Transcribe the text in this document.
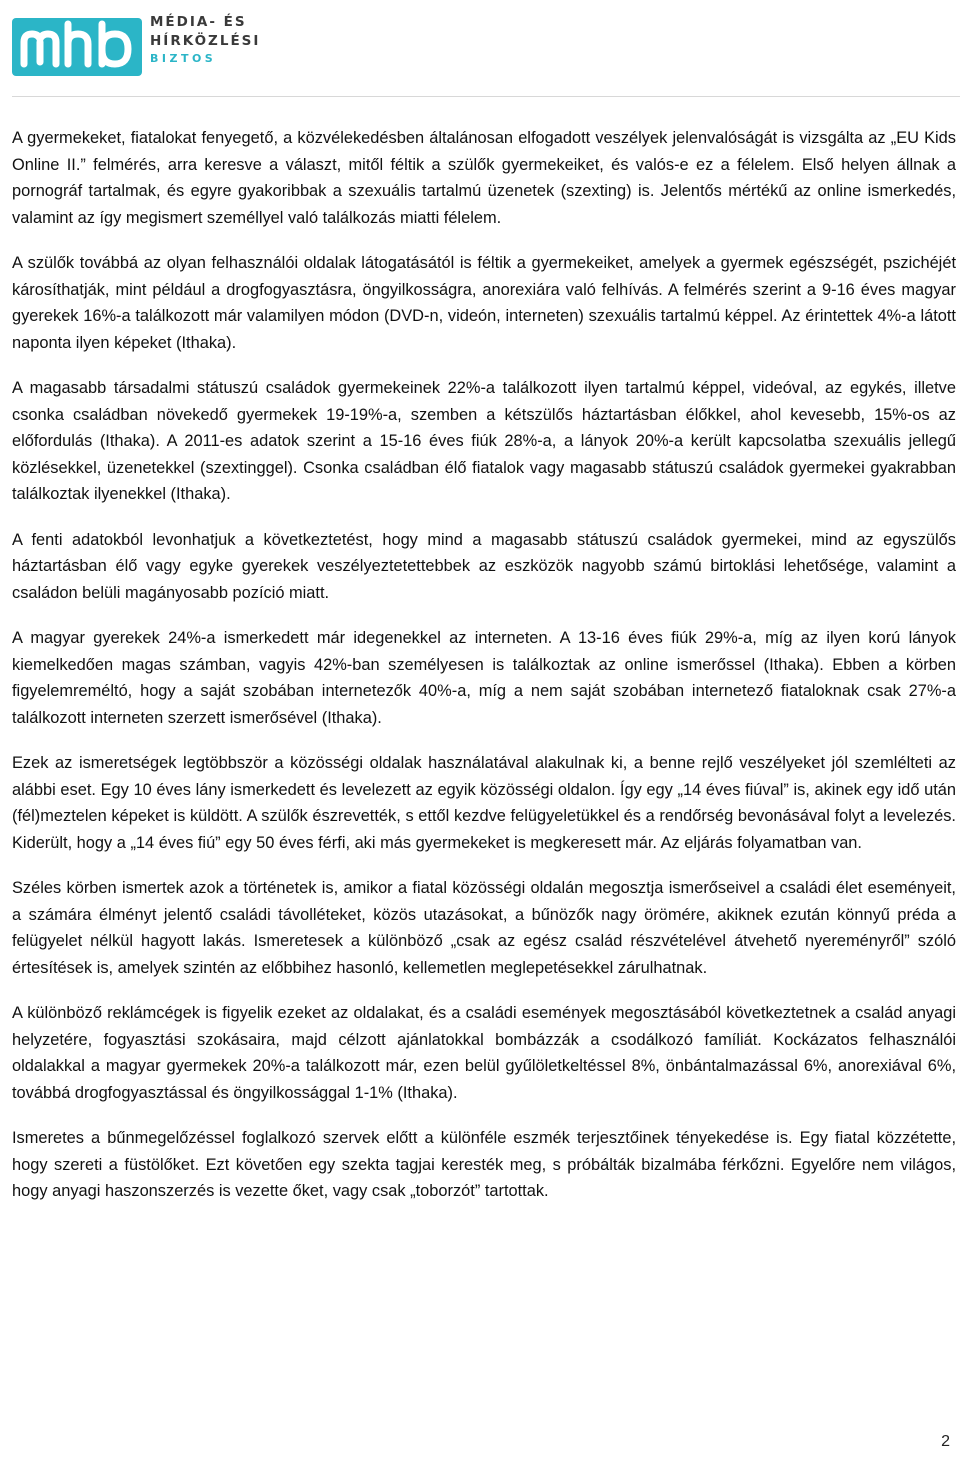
MÉDIA- ÉS
HÍRKÖZLÉSI
BIZTOS

A gyermekeket, fiatalokat fenyegető, a közvélekedésben általánosan elfogadott veszélyek jelenvalóságát is vizsgálta az „EU Kids Online II.” felmérés, arra keresve a választ, mitől féltik a szülők gyermekeiket, és valós-e ez a félelem. Első helyen állnak a pornográf tartalmak, és egyre gyakoribbak a szexuális tartalmú üzenetek (szexting) is. Jelentős mértékű az online ismerkedés, valamint az így megismert személlyel való találkozás miatti félelem.

A szülők továbbá az olyan felhasználói oldalak látogatásától is féltik a gyermekeiket, amelyek a gyermek egészségét, pszichéjét károsíthatják, mint például a drogfogyasztásra, öngyilkosságra, anorexiára való felhívás. A felmérés szerint a 9-16 éves magyar gyerekek 16%-a találkozott már valamilyen módon (DVD-n, videón, interneten) szexuális tartalmú képpel. Az érintettek 4%-a látott naponta ilyen képeket (Ithaka).

A magasabb társadalmi státuszú családok gyermekeinek 22%-a találkozott ilyen tartalmú képpel, videóval, az egykés, illetve csonka családban növekedő gyermekek 19-19%-a, szemben a kétszülős háztartásban élőkkel, ahol kevesebb, 15%-os az előfordulás (Ithaka). A 2011-es adatok szerint a 15-16 éves fiúk 28%-a, a lányok 20%-a került kapcsolatba szexuális jellegű közlésekkel, üzenetekkel (szextinggel). Csonka családban élő fiatalok vagy magasabb státuszú családok gyermekei gyakrabban találkoztak ilyenekkel (Ithaka).

A fenti adatokból levonhatjuk a következtetést, hogy mind a magasabb státuszú családok gyermekei, mind az egyszülős háztartásban élő vagy egyke gyerekek veszélyeztetettebbek az eszközök nagyobb számú birtoklási lehetősége, valamint a családon belüli magányosabb pozíció miatt.

A magyar gyerekek 24%-a ismerkedett már idegenekkel az interneten. A 13-16 éves fiúk 29%-a, míg az ilyen korú lányok kiemelkedően magas számban, vagyis 42%-ban személyesen is találkoztak az online ismerőssel (Ithaka). Ebben a körben figyelemreméltó, hogy a saját szobában internetezők 40%-a, míg a nem saját szobában internetező fiataloknak csak 27%-a találkozott interneten szerzett ismerősével (Ithaka).

Ezek az ismeretségek legtöbbször a közösségi oldalak használatával alakulnak ki, a benne rejlő veszélyeket jól szemlélteti az alábbi eset. Egy 10 éves lány ismerkedett és levelezett az egyik közösségi oldalon. Így egy „14 éves fiúval” is, akinek egy idő után (fél)meztelen képeket is küldött. A szülők észrevették, s ettől kezdve felügyeletükkel és a rendőrség bevonásával folyt a levelezés. Kiderült, hogy a „14 éves fiú” egy 50 éves férfi, aki más gyermekeket is megkeresett már. Az eljárás folyamatban van.

Széles körben ismertek azok a történetek is, amikor a fiatal közösségi oldalán megosztja ismerőseivel a családi élet eseményeit, a számára élményt jelentő családi távolléteket, közös utazásokat, a bűnözők nagy örömére, akiknek ezután könnyű préda a felügyelet nélkül hagyott lakás. Ismeretesek a különböző „csak az egész család részvételével átvehető nyereményről” szóló értesítések is, amelyek szintén az előbbihez hasonló, kellemetlen meglepetésekkel zárulhatnak.

A különböző reklámcégek is figyelik ezeket az oldalakat, és a családi események megosztásából következtetnek a család anyagi helyzetére, fogyasztási szokásaira, majd célzott ajánlatokkal bombázzák a csodálkozó famíliát. Kockázatos felhasználói oldalakkal a magyar gyermekek 20%-a találkozott már, ezen belül gyűlöletkeltéssel 8%, önbántalmazással 6%, anorexiával 6%, továbbá drogfogyasztással és öngyilkossággal 1-1% (Ithaka).

Ismeretes a bűnmegelőzéssel foglalkozó szervek előtt a különféle eszmék terjesztőinek tényekedése is. Egy fiatal közzétette, hogy szereti a füstölőket. Ezt követően egy szekta tagjai keresték meg, s próbálták bizalmába férkőzni. Egyelőre nem világos, hogy anyagi haszonszerzés is vezette őket, vagy csak „toborzót” tartottak.

2
